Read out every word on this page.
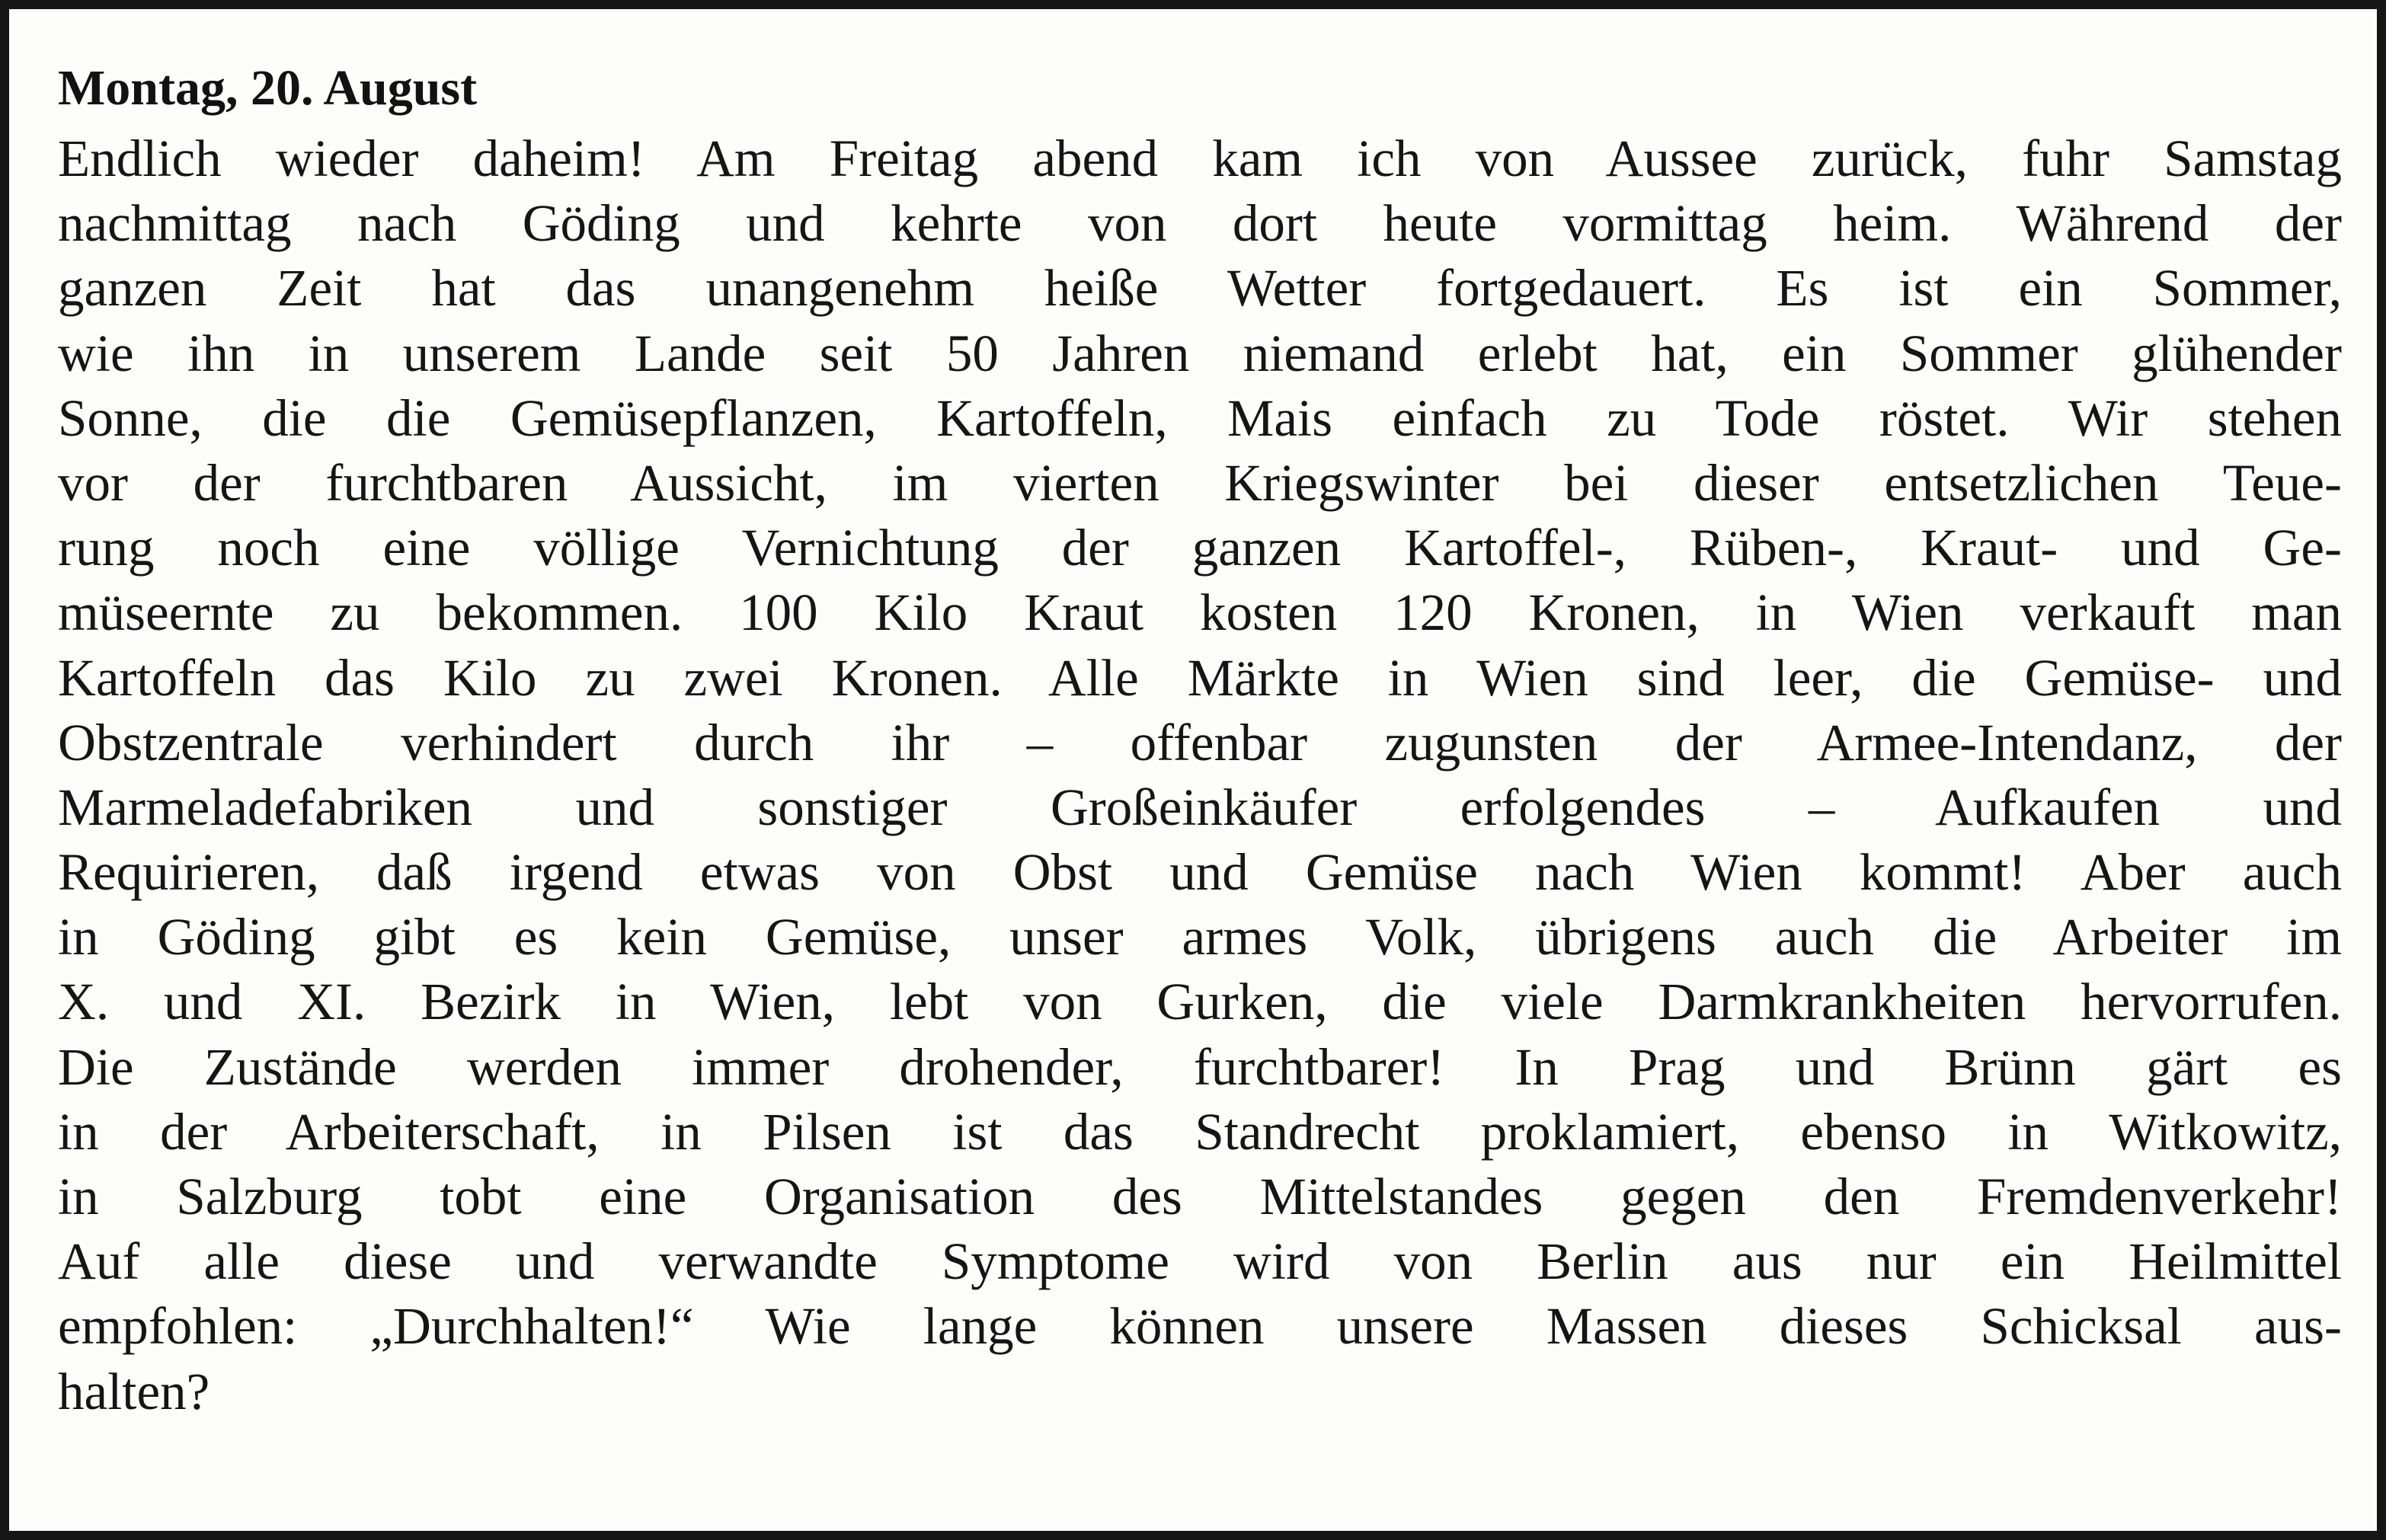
Montag, 20. August
Endlich wieder daheim! Am Freitag abend kam ich von Aussee zurück, fuhr Samstag
nachmittag nach Göding und kehrte von dort heute vormittag heim. Während der
ganzen Zeit hat das unangenehm heiße Wetter fortgedauert. Es ist ein Sommer,
wie ihn in unserem Lande seit 50 Jahren niemand erlebt hat, ein Sommer glühender
Sonne, die die Gemüsepflanzen, Kartoffeln, Mais einfach zu Tode röstet. Wir stehen
vor der furchtbaren Aussicht, im vierten Kriegswinter bei dieser entsetzlichen Teue-
rung noch eine völlige Vernichtung der ganzen Kartoffel-, Rüben-, Kraut- und Ge-
müseernte zu bekommen. 100 Kilo Kraut kosten 120 Kronen, in Wien verkauft man
Kartoffeln das Kilo zu zwei Kronen. Alle Märkte in Wien sind leer, die Gemüse- und
Obstzentrale verhindert durch ihr – offenbar zugunsten der Armee-Intendanz, der
Marmeladefabriken und sonstiger Großeinkäufer erfolgendes – Aufkaufen und
Requirieren, daß irgend etwas von Obst und Gemüse nach Wien kommt! Aber auch
in Göding gibt es kein Gemüse, unser armes Volk, übrigens auch die Arbeiter im
X. und XI. Bezirk in Wien, lebt von Gurken, die viele Darmkrankheiten hervorrufen.
Die Zustände werden immer drohender, furchtbarer! In Prag und Brünn gärt es
in der Arbeiterschaft, in Pilsen ist das Standrecht proklamiert, ebenso in Witkowitz,
in Salzburg tobt eine Organisation des Mittelstandes gegen den Fremdenverkehr!
Auf alle diese und verwandte Symptome wird von Berlin aus nur ein Heilmittel
empfohlen: „Durchhalten!“ Wie lange können unsere Massen dieses Schicksal aus-
halten?
